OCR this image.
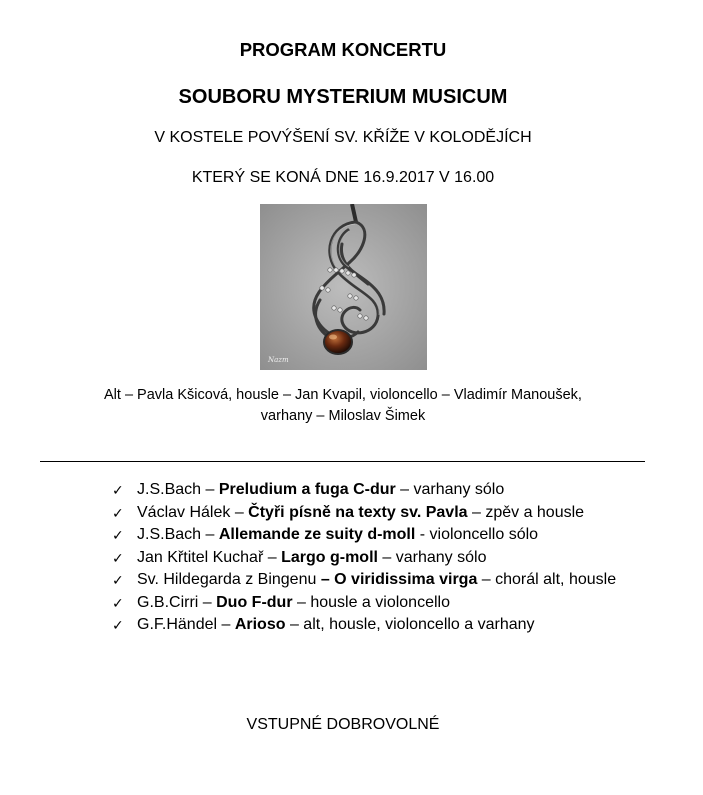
PROGRAM KONCERTU
SOUBORU MYSTERIUM MUSICUM
V KOSTELE POVÝŠENÍ SV. KŘÍŽE V KOLODĚJÍCH
KTERÝ SE KONÁ DNE 16.9.2017 V 16.00
Nazm
Alt – Pavla Kšicová, housle – Jan Kvapil, violoncello – Vladimír Manoušek,
varhany – Miloslav Šimek
✓ J.S.Bach – Preludium a fuga C-dur – varhany sólo
✓ Václav Hálek – Čtyři písně na texty sv. Pavla – zpěv a housle
✓ J.S.Bach – Allemande ze suity d-moll - violoncello sólo
✓ Jan Křtitel Kuchař – Largo g-moll – varhany sólo
✓ Sv. Hildegarda z Bingenu – O viridissima virga – chorál alt, housle
✓ G.B.Cirri – Duo F-dur – housle a violoncello
✓ G.F.Händel – Arioso – alt, housle, violoncello a varhany
VSTUPNÉ DOBROVOLNÉ
